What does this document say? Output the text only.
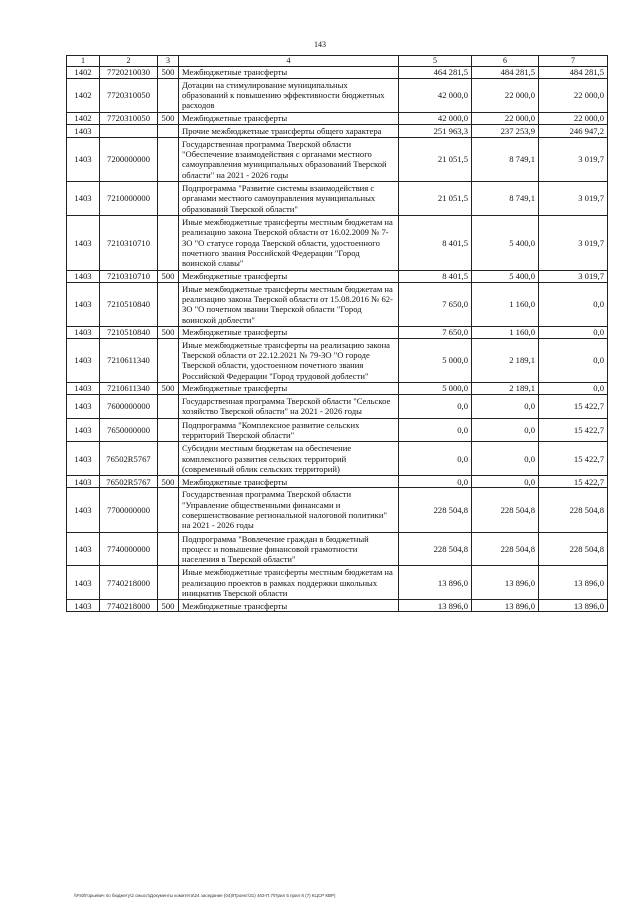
143
1	2	3	4	5	6	7
1402	7720210030	500	Межбюджетные трансферты	464 281,5	484 281,5	484 281,5
1402	7720310050		Дотации на стимулирование муниципальных образований к повышению эффективности бюджетных расходов	42 000,0	22 000,0	22 000,0
1402	7720310050	500	Межбюджетные трансферты	42 000,0	22 000,0	22 000,0
1403			Прочие межбюджетные трансферты общего характера	251 963,3	237 253,9	246 947,2
1403	7200000000		Государственная программа Тверской области "Обеспечение взаимодействия с органами местного самоуправления муниципальных образований Тверской области" на 2021 - 2026 годы	21 051,5	8 749,1	3 019,7
1403	7210000000		Подпрограмма "Развитие системы взаимодействия с органами местного самоуправления муниципальных образований Тверской области"	21 051,5	8 749,1	3 019,7
1403	7210310710		Иные межбюджетные трансферты местным бюджетам на реализацию закона Тверской области от 16.02.2009 № 7-ЗО "О статусе города Тверской области, удостоенного почетного звания Российской Федерации "Город воинской славы"	8 401,5	5 400,0	3 019,7
1403	7210310710	500	Межбюджетные трансферты	8 401,5	5 400,0	3 019,7
1403	7210510840		Иные межбюджетные трансферты местным бюджетам на реализацию закона Тверской области от 15.08.2016 № 62-ЗО "О почетном звании Тверской области "Город воинской доблести"	7 650,0	1 160,0	0,0
1403	7210510840	500	Межбюджетные трансферты	7 650,0	1 160,0	0,0
1403	7210611340		Иные межбюджетные трансферты на реализацию закона Тверской области от 22.12.2021 № 79-ЗО "О городе Тверской области, удостоенном почетного звания Российской Федерации "Город трудовой доблести"	5 000,0	2 189,1	0,0
1403	7210611340	500	Межбюджетные трансферты	5 000,0	2 189,1	0,0
1403	7600000000		Государственная программа Тверской области "Сельское хозяйство Тверской области" на 2021 - 2026 годы	0,0	0,0	15 422,7
1403	7650000000		Подпрограмма "Комплексное развитие сельских территорий Тверской области"	0,0	0,0	15 422,7
1403	76502R5767		Субсидии местным бюджетам на обеспечение комплексного развития сельских территорий (современный облик сельских территорий)	0,0	0,0	15 422,7
1403	76502R5767	500	Межбюджетные трансферты	0,0	0,0	15 422,7
1403	7700000000		Государственная программа Тверской области "Управление общественными финансами и совершенствование региональной налоговой политики" на 2021 - 2026 годы	228 504,8	228 504,8	228 504,8
1403	7740000000		Подпрограмма "Вовлечение граждан в бюджетный процесс и повышение финансовой грамотности населения в Тверской области"	228 504,8	228 504,8	228 504,8
1403	7740218000		Иные межбюджетные трансферты местным бюджетам на реализацию проектов в рамках поддержки школьных инициатив Тверской области	13 896,0	13 896,0	13 896,0
1403	7740218000	500	Межбюджетные трансферты	13 896,0	13 896,0	13 896,0
\\Fs0\Горьевич по бюджету\2 смысл\Документы комитета\24 заседание (04)\Проект\31) 463-П.7\Прил 5 прил 8 (7) КЦСР КВР)
